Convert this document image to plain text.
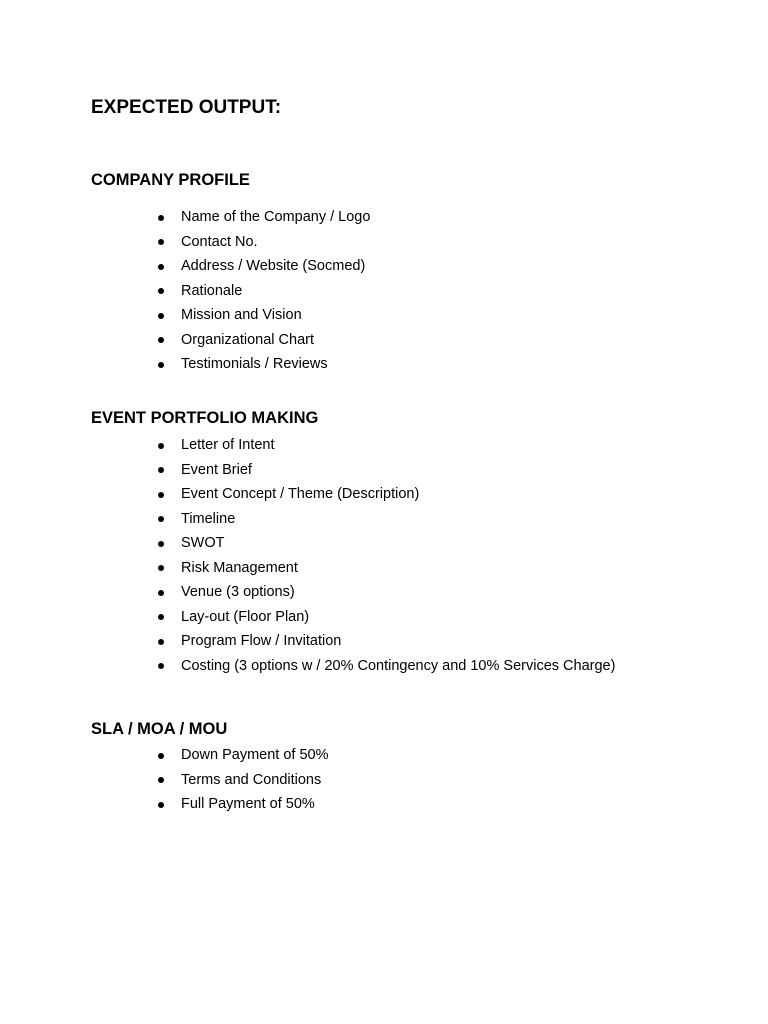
EXPECTED OUTPUT:
COMPANY PROFILE
Name of the Company / Logo
Contact No.
Address / Website (Socmed)
Rationale
Mission and Vision
Organizational Chart
Testimonials / Reviews
EVENT PORTFOLIO MAKING
Letter of Intent
Event Brief
Event Concept / Theme (Description)
Timeline
SWOT
Risk Management
Venue (3 options)
Lay-out (Floor Plan)
Program Flow / Invitation
Costing (3 options w / 20% Contingency and 10% Services Charge)
SLA / MOA / MOU
Down Payment of 50%
Terms and Conditions
Full Payment of 50%
